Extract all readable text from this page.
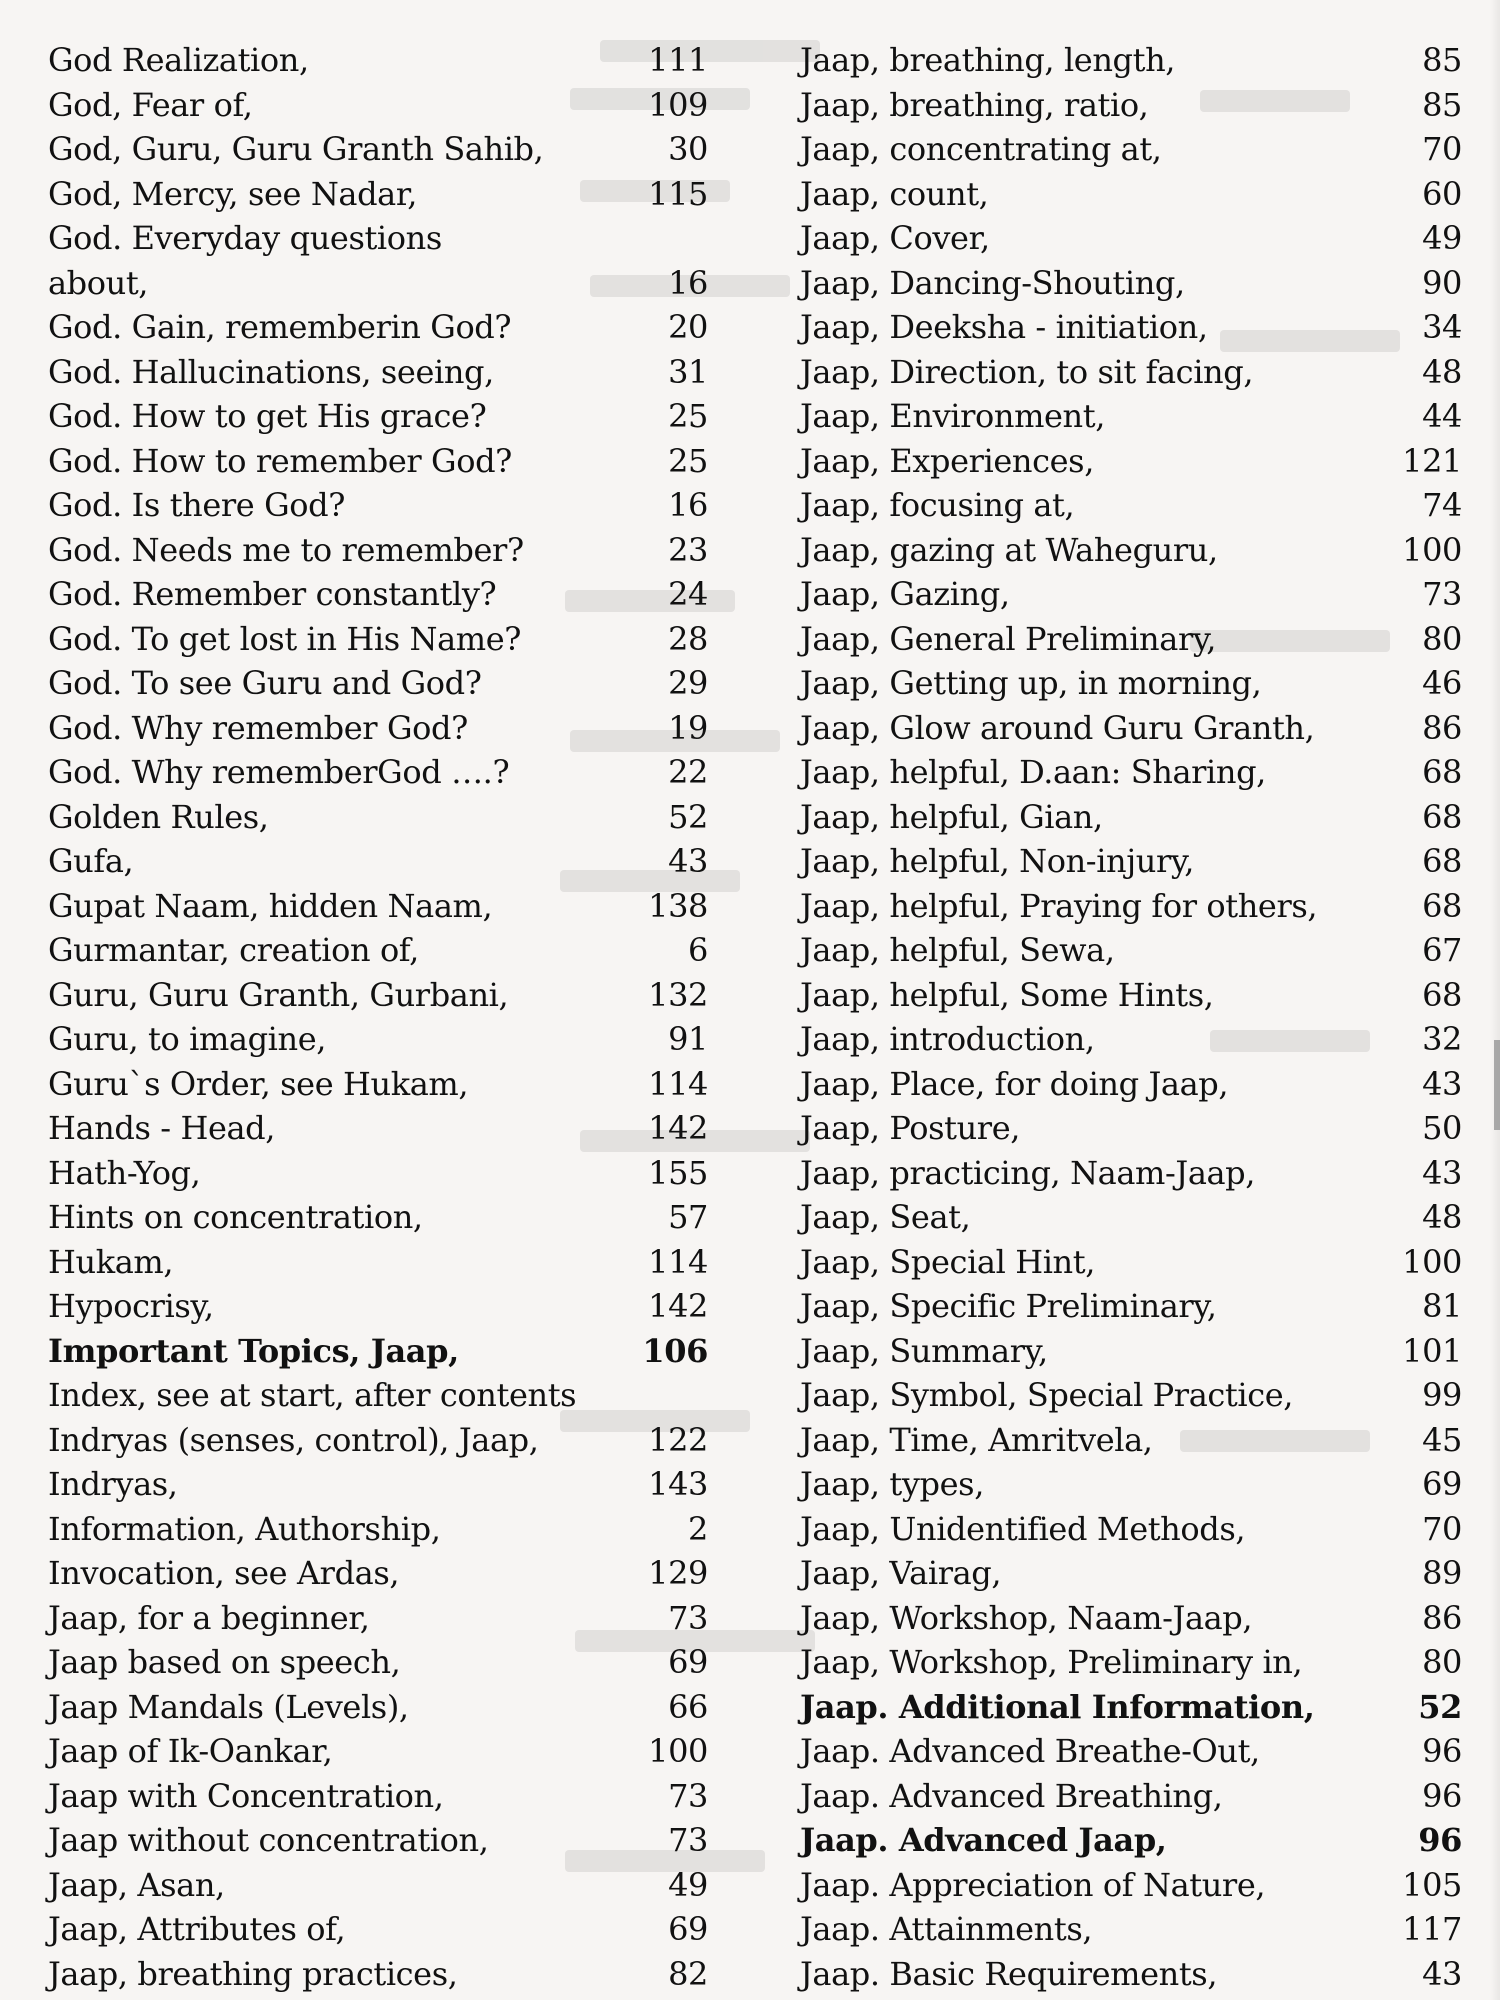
God Realization,	111
God, Fear of,	109
God, Guru, Guru Granth Sahib,	30
God, Mercy, see Nadar,	115
God. Everyday questions
about,	16
God. Gain, rememberin God?	20
God. Hallucinations, seeing,	31
God. How to get His grace?	25
God. How to remember God?	25
God. Is there God?	16
God. Needs me to remember?	23
God. Remember constantly?	24
God. To get lost in His Name?	28
God. To see Guru and God?	29
God. Why remember God?	19
God. Why rememberGod ….?	22
Golden Rules,	52
Gufa,	43
Gupat Naam, hidden Naam,	138
Gurmantar, creation of,	6
Guru, Guru Granth, Gurbani,	132
Guru, to imagine,	91
Guru`s Order, see Hukam,	114
Hands - Head,	142
Hath-Yog,	155
Hints on concentration,	57
Hukam,	114
Hypocrisy,	142
Important Topics, Jaap,	106
Index, see at start, after contents
Indryas (senses, control), Jaap,	122
Indryas,	143
Information, Authorship,	2
Invocation, see Ardas,	129
Jaap, for a beginner,	73
Jaap based on speech,	69
Jaap Mandals (Levels),	66
Jaap of Ik-Oankar,	100
Jaap with Concentration,	73
Jaap without concentration,	73
Jaap, Asan,	49
Jaap, Attributes of,	69
Jaap, breathing practices,	82
Jaap, breathing, length,	85
Jaap, breathing, ratio,	85
Jaap, concentrating at,	70
Jaap, count,	60
Jaap, Cover,	49
Jaap, Dancing-Shouting,	90
Jaap, Deeksha - initiation,	34
Jaap, Direction, to sit facing,	48
Jaap, Environment,	44
Jaap, Experiences,	121
Jaap, focusing at,	74
Jaap, gazing at Waheguru,	100
Jaap, Gazing,	73
Jaap, General Preliminary,	80
Jaap, Getting up, in morning,	46
Jaap, Glow around Guru Granth,	86
Jaap, helpful, D.aan: Sharing,	68
Jaap, helpful, Gian,	68
Jaap, helpful, Non-injury,	68
Jaap, helpful, Praying for others,	68
Jaap, helpful, Sewa,	67
Jaap, helpful, Some Hints,	68
Jaap, introduction,	32
Jaap, Place, for doing Jaap,	43
Jaap, Posture,	50
Jaap, practicing, Naam-Jaap,	43
Jaap, Seat,	48
Jaap, Special Hint,	100
Jaap, Specific Preliminary,	81
Jaap, Summary,	101
Jaap, Symbol, Special Practice,	99
Jaap, Time, Amritvela,	45
Jaap, types,	69
Jaap, Unidentified Methods,	70
Jaap, Vairag,	89
Jaap, Workshop, Naam-Jaap,	86
Jaap, Workshop, Preliminary in,	80
Jaap. Additional Information,	52
Jaap. Advanced Breathe-Out,	96
Jaap. Advanced Breathing,	96
Jaap. Advanced Jaap,	96
Jaap. Appreciation of Nature,	105
Jaap. Attainments,	117
Jaap. Basic Requirements,	43
